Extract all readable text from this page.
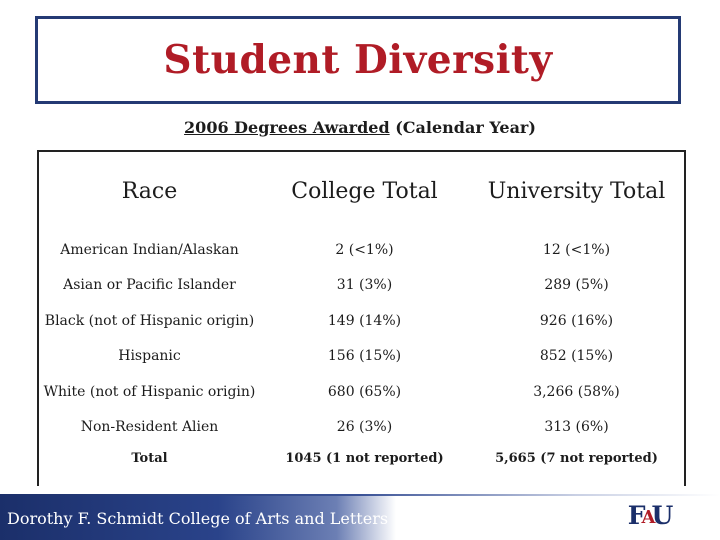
Student Diversity
2006 Degrees Awarded (Calendar Year)
Race	College Total	University Total
American Indian/Alaskan	2 (<1%)	12 (<1%)
Asian or Pacific Islander	31 (3%)	289 (5%)
Black (not of Hispanic origin)	149 (14%)	926 (16%)
Hispanic	156 (15%)	852 (15%)
White (not of Hispanic origin)	680 (65%)	3,266 (58%)
Non-Resident Alien	26 (3%)	313 (6%)
Total	1045 (1 not reported)	5,665 (7 not reported)
Dorothy F. Schmidt College of Arts and Letters	F
A
U
